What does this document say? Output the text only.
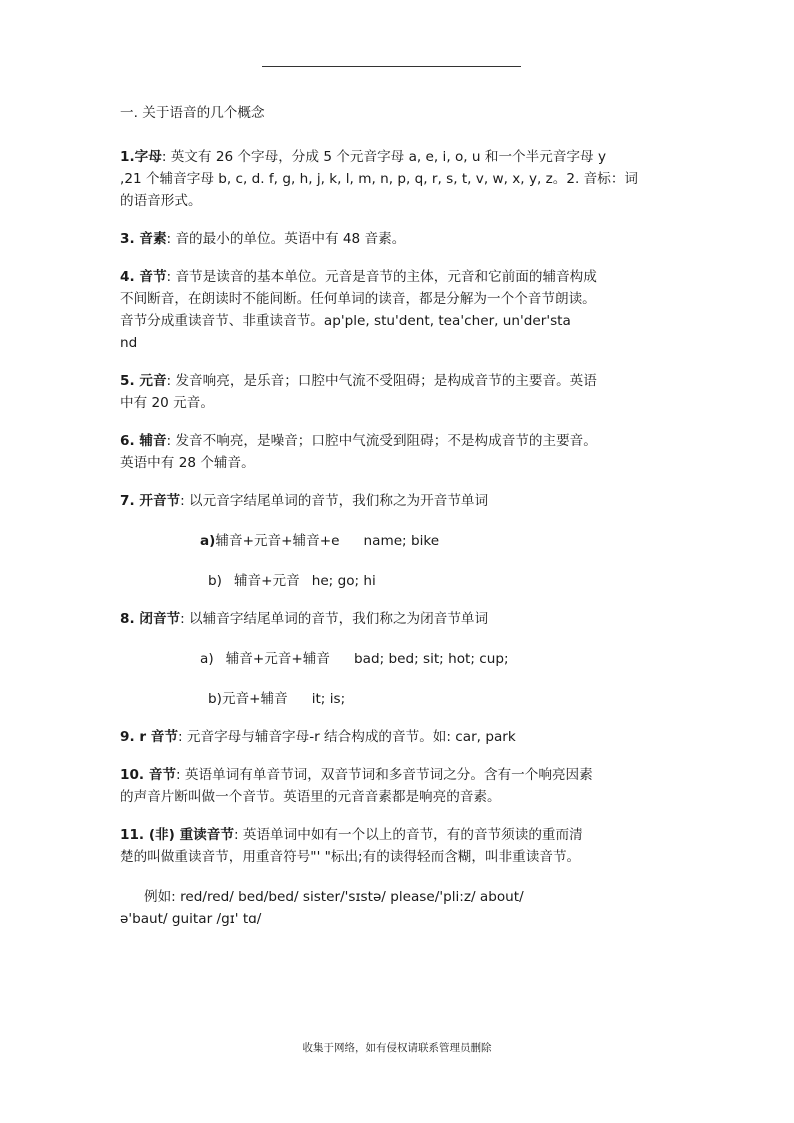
一. 关于语音的几个概念
1.字母: 英文有 26 个字母，分成 5 个元音字母 a, e, i, o, u 和一个半元音字母 y
,21 个辅音字母 b, c, d. f, g, h, j, k, l, m, n, p, q, r, s, t, v, w, x, y, z。2. 音标：词
的语音形式。
3. 音素: 音的最小的单位。英语中有 48 音素。
4. 音节: 音节是读音的基本单位。元音是音节的主体，元音和它前面的辅音构成
不间断音，在朗读时不能间断。任何单词的读音，都是分解为一个个音节朗读。
音节分成重读音节、非重读音节。ap'ple, stu'dent, tea'cher, un'der'sta
nd
5. 元音: 发音响亮，是乐音；口腔中气流不受阻碍；是构成音节的主要音。英语
中有 20 元音。
6. 辅音: 发音不响亮，是噪音；口腔中气流受到阻碍；不是构成音节的主要音。
英语中有 28 个辅音。
7. 开音节: 以元音字结尾单词的音节，我们称之为开音节单词
a)辅音+元音+辅音+e name; bike
b) 辅音+元音 he; go; hi
8. 闭音节: 以辅音字结尾单词的音节，我们称之为闭音节单词
a) 辅音+元音+辅音 bad; bed; sit; hot; cup;
b)元音+辅音 it; is;
9. r 音节: 元音字母与辅音字母-r 结合构成的音节。如: car, park
10. 音节: 英语单词有单音节词，双音节词和多音节词之分。含有一个响亮因素
的声音片断叫做一个音节。英语里的元音音素都是响亮的音素。
11. (非) 重读音节: 英语单词中如有一个以上的音节，有的音节须读的重而清
楚的叫做重读音节，用重音符号"' "标出;有的读得轻而含糊，叫非重读音节。
例如: red/red/ bed/bed/ sister/'sɪstə/ please/'pli:z/ about/
ə'baut/ guitar /gɪ' tɑ/
收集于网络，如有侵权请联系管理员删除
